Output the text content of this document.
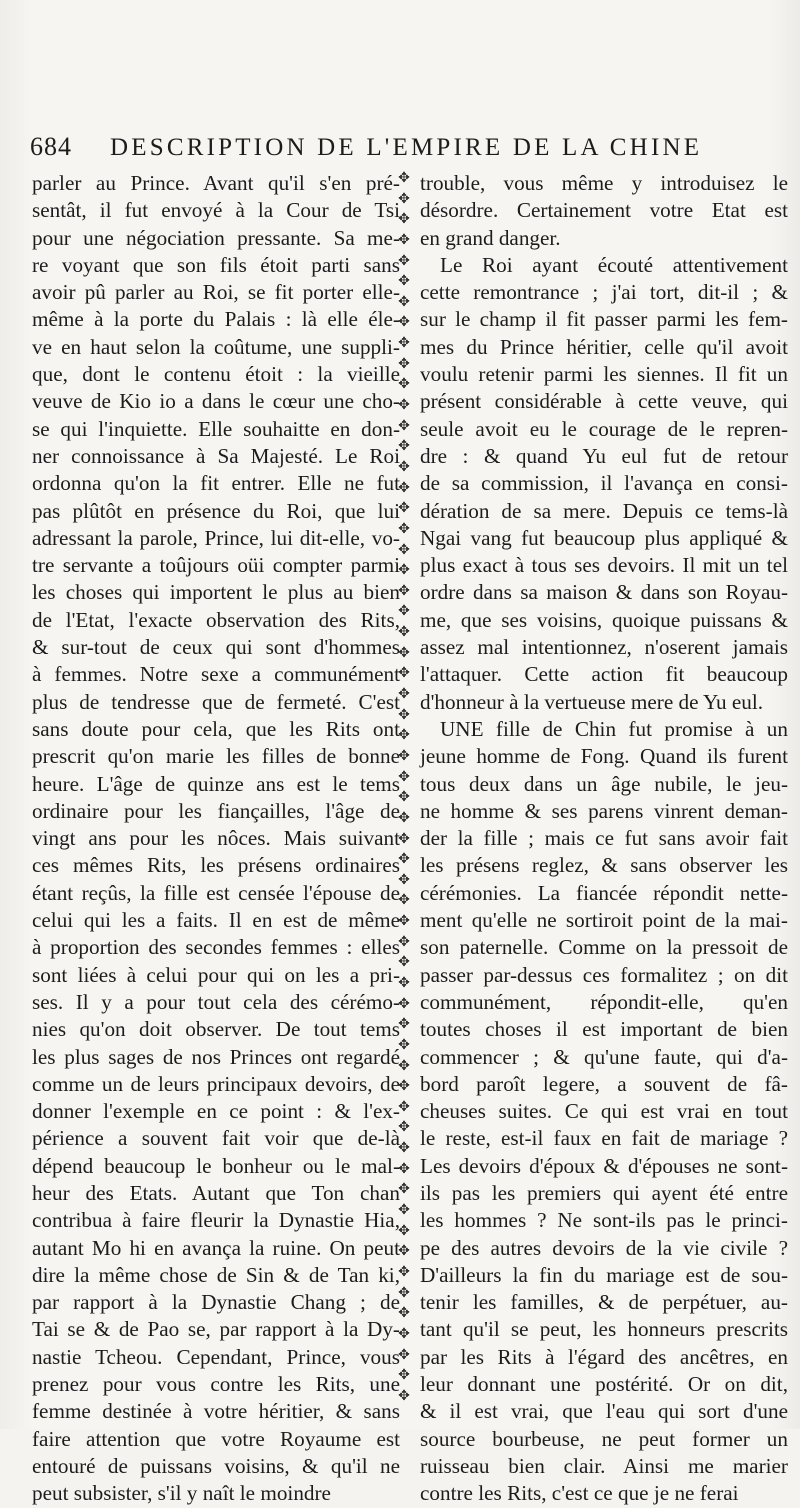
684	DESCRIPTION DE L'EMPIRE DE LA CHINE
parler au Prince. Avant qu'il s'en pré-
sentât, il fut envoyé à la Cour de Tsi
pour une négociation pressante. Sa me-
re voyant que son fils étoit parti sans
avoir pû parler au Roi, se fit porter elle-
même à la porte du Palais : là elle éle-
ve en haut selon la coûtume, une suppli-
que, dont le contenu étoit : la vieille
veuve de Kio io a dans le cœur une cho-
se qui l'inquiette. Elle souhaitte en don-
ner connoissance à Sa Majesté. Le Roi
ordonna qu'on la fit entrer. Elle ne fut
pas plûtôt en présence du Roi, que lui
adressant la parole, Prince, lui dit-elle, vo-
tre servante a toûjours oüi compter parmi
les choses qui importent le plus au bien
de l'Etat, l'exacte observation des Rits,
& sur-tout de ceux qui sont d'hommes
à femmes. Notre sexe a communément
plus de tendresse que de fermeté. C'est
sans doute pour cela, que les Rits ont
prescrit qu'on marie les filles de bonne
heure. L'âge de quinze ans est le tems
ordinaire pour les fiançailles, l'âge de
vingt ans pour les nôces. Mais suivant
ces mêmes Rits, les présens ordinaires
étant reçûs, la fille est censée l'épouse de
celui qui les a faits. Il en est de même
à proportion des secondes femmes : elles
sont liées à celui pour qui on les a pri-
ses. Il y a pour tout cela des cérémo-
nies qu'on doit observer. De tout tems
les plus sages de nos Princes ont regardé
comme un de leurs principaux devoirs, de
donner l'exemple en ce point : & l'ex-
périence a souvent fait voir que de-là
dépend beaucoup le bonheur ou le mal-
heur des Etats. Autant que Ton chan
contribua à faire fleurir la Dynastie Hia,
autant Mo hi en avança la ruine. On peut
dire la même chose de Sin & de Tan ki,
par rapport à la Dynastie Chang ; de
Tai se & de Pao se, par rapport à la Dy-
nastie Tcheou. Cependant, Prince, vous
prenez pour vous contre les Rits, une
femme destinée à votre héritier, & sans
faire attention que votre Royaume est
entouré de puissans voisins, & qu'il ne
peut subsister, s'il y naît le moindre
✥
✥
✥
✥
✥
✥
✥
✥
✥
✥
✥
✥
✥
✥
✥
✥
✥
✥
✥
✥
✥
✥
✥
✥
✥
✥
✥
✥
✥
✥
✥
✥
✥
✥
✥
✥
✥
✥
✥
✥
✥
✥
✥
✥
✥
✥
✥
✥
✥
✥
✥
✥
✥
✥
✥
✥
✥
✥
✥
✥
trouble, vous même y introduisez le
désordre. Certainement votre Etat est
en grand danger.
Le Roi ayant écouté attentivement
cette remontrance ; j'ai tort, dit-il ; &
sur le champ il fit passer parmi les fem-
mes du Prince héritier, celle qu'il avoit
voulu retenir parmi les siennes. Il fit un
présent considérable à cette veuve, qui
seule avoit eu le courage de le repren-
dre : & quand Yu eul fut de retour
de sa commission, il l'avança en consi-
dération de sa mere. Depuis ce tems-là
Ngai vang fut beaucoup plus appliqué &
plus exact à tous ses devoirs. Il mit un tel
ordre dans sa maison & dans son Royau-
me, que ses voisins, quoique puissans &
assez mal intentionnez, n'oserent jamais
l'attaquer. Cette action fit beaucoup
d'honneur à la vertueuse mere de Yu eul.
UNE fille de Chin fut promise à un
jeune homme de Fong. Quand ils furent
tous deux dans un âge nubile, le jeu-
ne homme & ses parens vinrent deman-
der la fille ; mais ce fut sans avoir fait
les présens reglez, & sans observer les
cérémonies. La fiancée répondit nette-
ment qu'elle ne sortiroit point de la mai-
son paternelle. Comme on la pressoit de
passer par-dessus ces formalitez ; on dit
communément, répondit-elle, qu'en
toutes choses il est important de bien
commencer ; & qu'une faute, qui d'a-
bord paroît legere, a souvent de fâ-
cheuses suites. Ce qui est vrai en tout
le reste, est-il faux en fait de mariage ?
Les devoirs d'époux & d'épouses ne sont-
ils pas les premiers qui ayent été entre
les hommes ? Ne sont-ils pas le princi-
pe des autres devoirs de la vie civile ?
D'ailleurs la fin du mariage est de sou-
tenir les familles, & de perpétuer, au-
tant qu'il se peut, les honneurs prescrits
par les Rits à l'égard des ancêtres, en
leur donnant une postérité. Or on dit,
& il est vrai, que l'eau qui sort d'une
source bourbeuse, ne peut former un
ruisseau bien clair. Ainsi me marier
contre les Rits, c'est ce que je ne ferai
